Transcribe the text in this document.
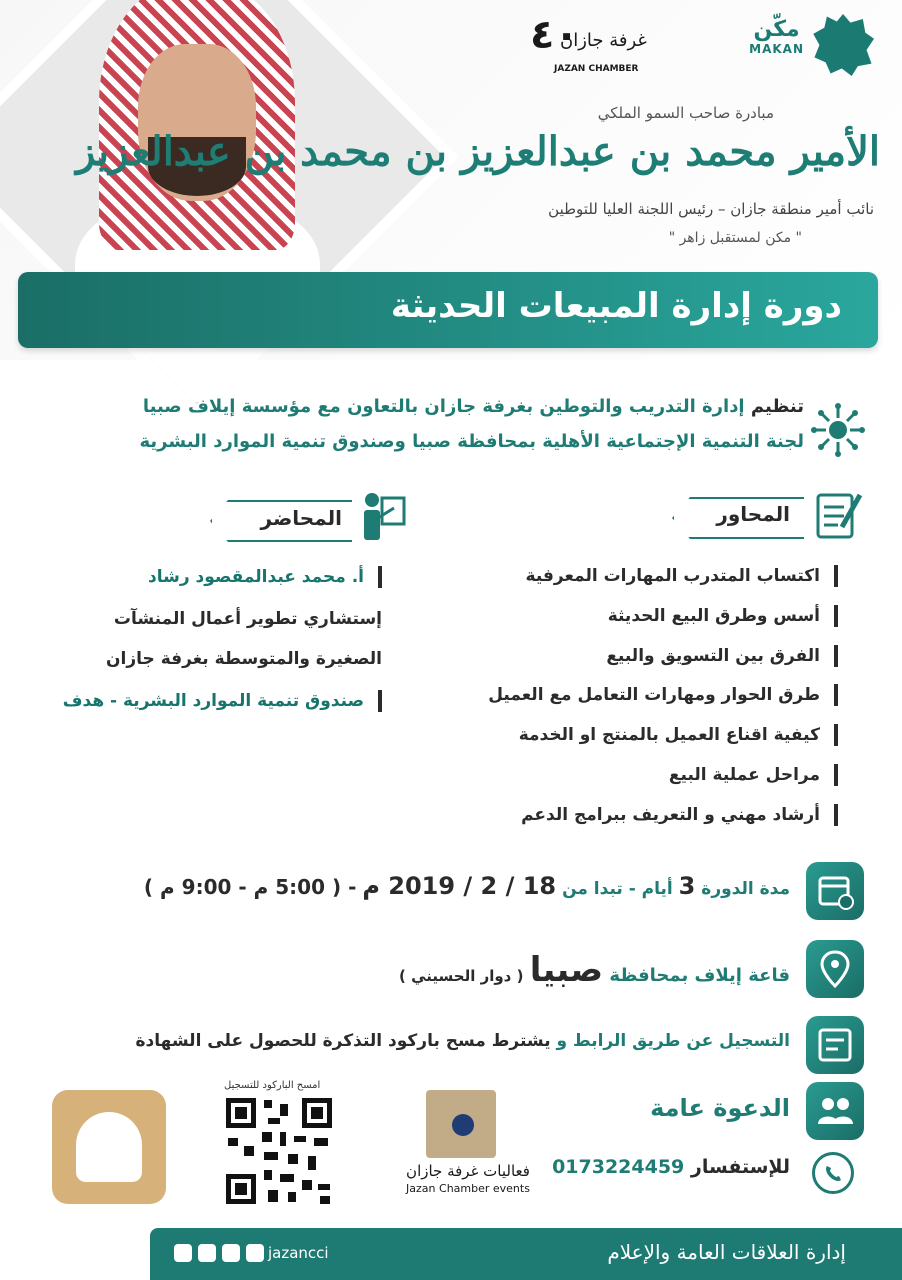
مكّن
MAKAN
٤٠
غرفة جازان
JAZAN CHAMBER
مبادرة صاحب السمو الملكي
الأمير محمد بن عبدالعزيز بن محمد بن عبدالعزيز
نائب أمير منطقة جازان – رئيس اللجنة العليا للتوطين
" مكن لمستقبل زاهر "
دورة إدارة المبيعات الحديثة
تنظيم إدارة التدريب والتوطين بغرفة جازان بالتعاون مع مؤسسة إيلاف صبيا
لجنة التنمية الإجتماعية الأهلية بمحافظة صبيا وصندوق تنمية الموارد البشرية
المحاور
اكتساب المتدرب المهارات المعرفية
أسس وطرق البيع الحديثة
الفرق بين التسويق والبيع
طرق الحوار ومهارات التعامل مع العميل
كيفية اقناع العميل بالمنتج او الخدمة
مراحل عملية البيع
أرشاد مهني و التعريف ببرامج الدعم
المحاضر
أ. محمد عبدالمقصود رشاد
إستشاري تطوير أعمال المنشآت
الصغيرة والمتوسطة بغرفة جازان
صندوق تنمية الموارد البشرية - هدف
مدة الدورة 3 أيام - تبدا من 18 / 2 / 2019 م - ( 5:00 م - 9:00 م )
قاعة إيلاف بمحافظة صبيا ( دوار الحسيني )
التسجيل عن طريق الرابط و يشترط مسح باركود التذكرة للحصول على الشهادة
الدعوة عامة
امسح الباركود للتسجيل
فعاليات غرفة جازان
Jazan Chamber events
للإستفسار 0173224459
إدارة العلاقات العامة والإعلام
jazancci
